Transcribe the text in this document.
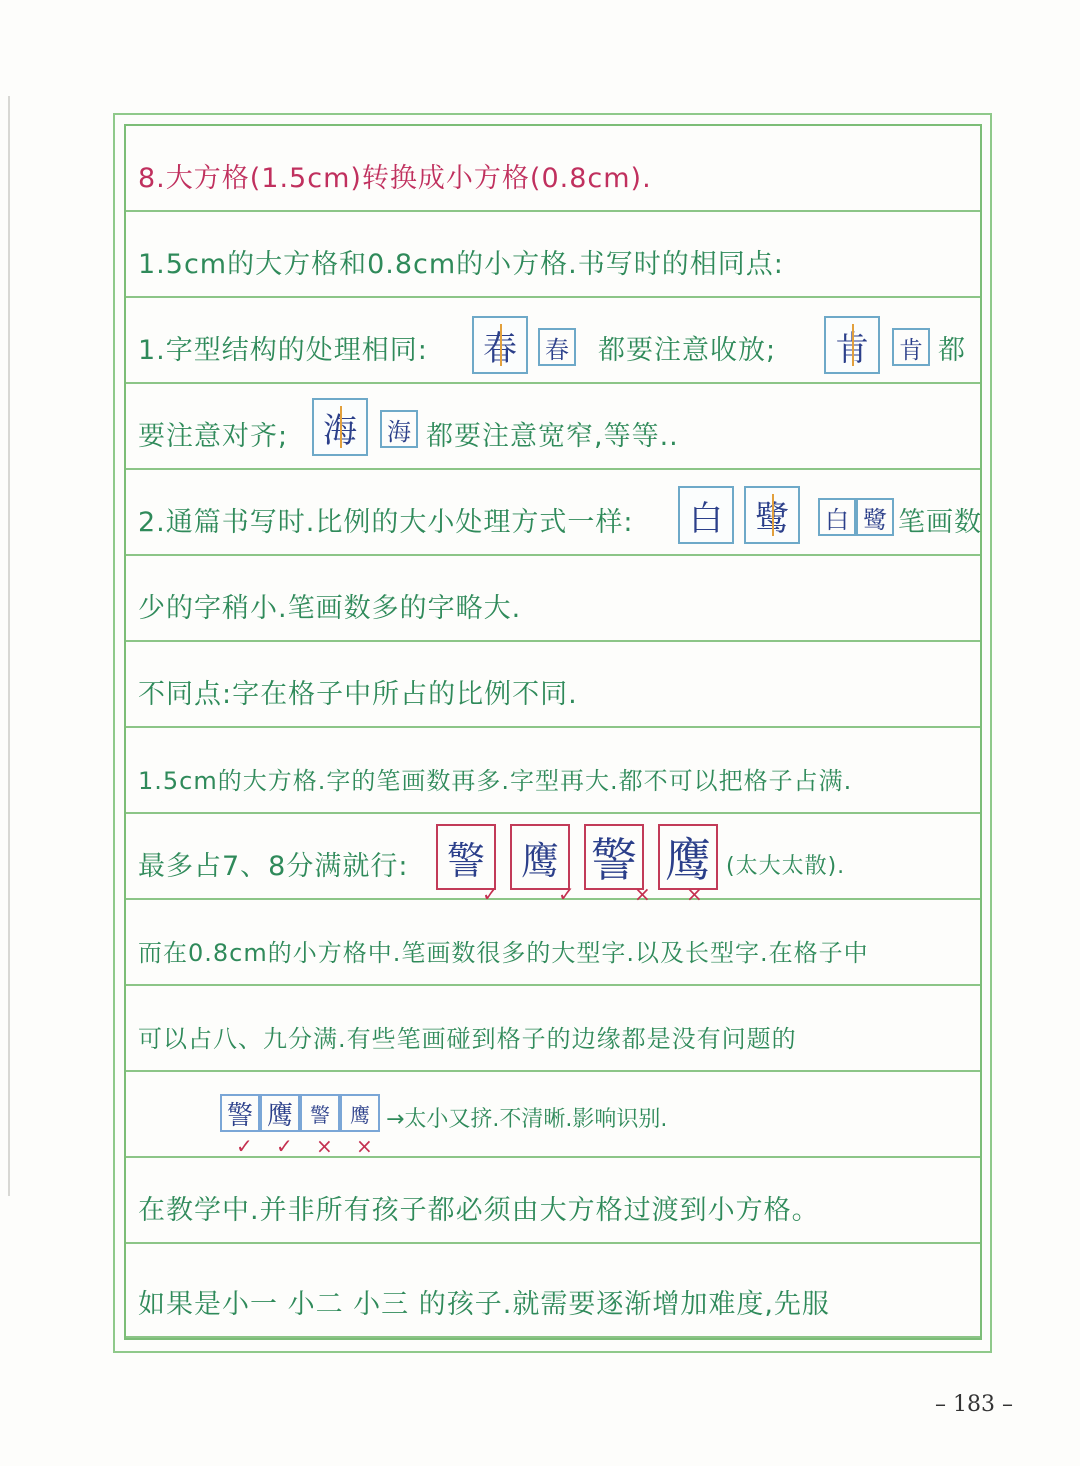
8.大方格(1.5cm)转换成小方格(0.8cm).
1.5cm的大方格和0.8cm的小方格.书写时的相同点:
1.字型结构的处理相同: 春 春 都要注意收放; 肯 肯 都
要注意对齐; 海 海 都要注意宽窄,等等..
2.通篇书写时.比例的大小处理方式一样: 白 鹭 白 鹭 笔画数
少的字稍小.笔画数多的字略大.
不同点:字在格子中所占的比例不同.
1.5cm的大方格.字的笔画数再多.字型再大.都不可以把格子占满.
最多占7、8分满就行: 警 鹰 警 鹰
✓	✓	× ×
(太大太散).
而在0.8cm的小方格中.笔画数很多的大型字.以及长型字.在格子中
可以占八、九分满.有些笔画碰到格子的边缘都是没有问题的
警 鹰 警 鹰
✓ ✓ × ×
→太小又挤.不清晰.影响识别.
在教学中.并非所有孩子都必须由大方格过渡到小方格。
如果是小一 小二 小三 的孩子.就需要逐渐增加难度,先服
– 183 –
